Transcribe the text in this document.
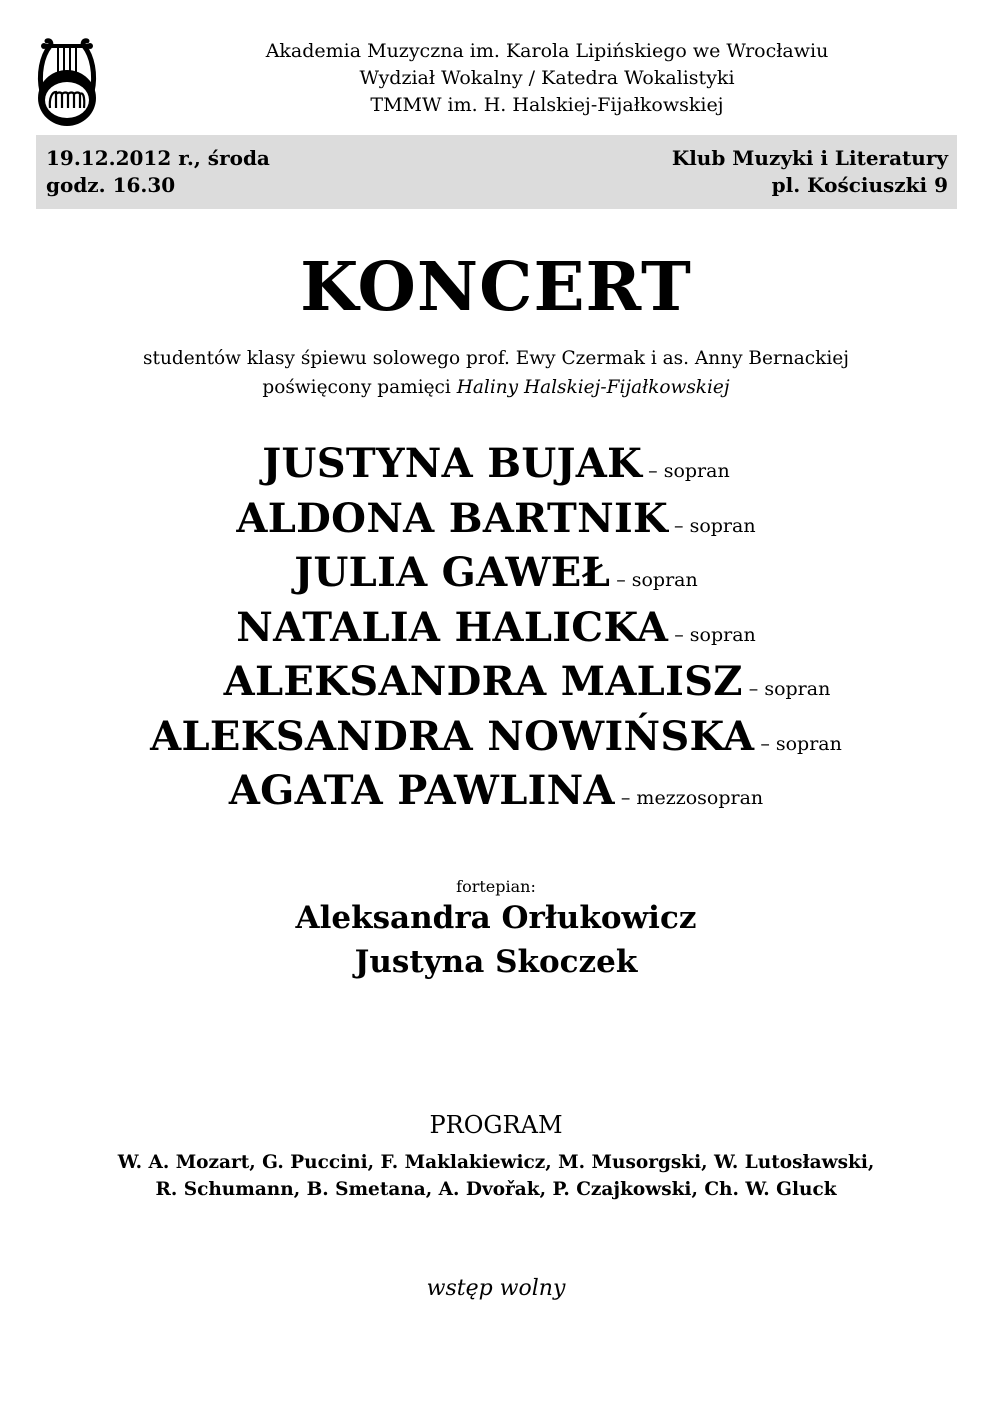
Akademia Muzyczna im. Karola Lipińskiego we Wrocławiu
Wydział Wokalny / Katedra Wokalistyki
TMMW im. H. Halskiej-Fijałkowskiej
19.12.2012 r., środa
godz. 16.30
Klub Muzyki i Literatury
pl. Kościuszki 9
KONCERT
studentów klasy śpiewu solowego prof. Ewy Czermak i as. Anny Bernackiej
poświęcony pamięci Haliny Halskiej-Fijałkowskiej
JUSTYNA BUJAK – sopran
ALDONA BARTNIK – sopran
JULIA GAWEŁ – sopran
NATALIA HALICKA – sopran
ALEKSANDRA MALISZ – sopran
ALEKSANDRA NOWIŃSKA – sopran
AGATA PAWLINA – mezzosopran
fortepian:
Aleksandra Orłukowicz
Justyna Skoczek
PROGRAM
W. A. Mozart, G. Puccini, F. Maklakiewicz, M. Musorgski, W. Lutosławski,
R. Schumann, B. Smetana, A. Dvořak, P. Czajkowski, Ch. W. Gluck
wstęp wolny
